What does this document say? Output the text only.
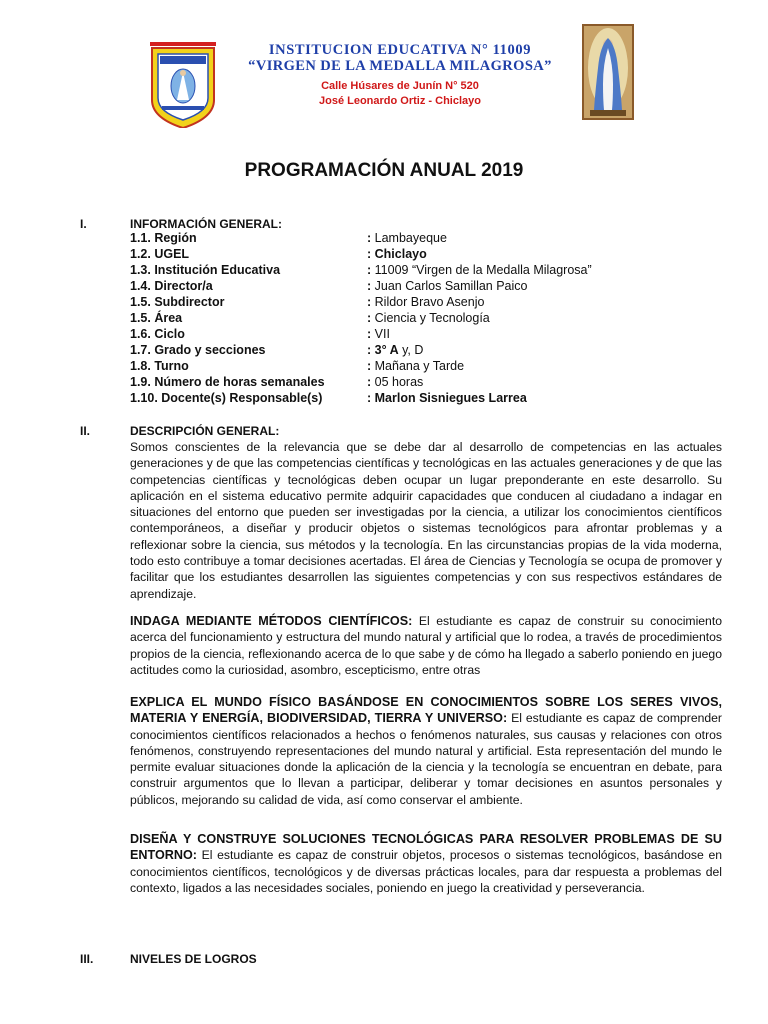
INSTITUCION EDUCATIVA N° 11009
“VIRGEN DE LA MEDALLA MILAGROSA”
Calle Húsares de Junín N° 520
José Leonardo Ortiz - Chiclayo
PROGRAMACIÓN ANUAL 2019
I.	INFORMACIÓN GENERAL:
1.1. Región	: Lambayeque
1.2. UGEL	: Chiclayo
1.3. Institución Educativa	: 11009 “Virgen de la Medalla Milagrosa”
1.4. Director/a	: Juan Carlos Samillan Paico
1.5. Subdirector	: Rildor Bravo Asenjo
1.5. Área	: Ciencia y Tecnología
1.6. Ciclo	: VII
1.7. Grado y secciones	: 3° A y, D
1.8. Turno	: Mañana y Tarde
1.9. Número de horas semanales	: 05 horas
1.10. Docente(s) Responsable(s)	: Marlon Sisniegues Larrea
II.	DESCRIPCIÓN GENERAL:
Somos conscientes de la relevancia que se debe dar al desarrollo de competencias en las actuales generaciones y de que las competencias científicas y tecnológicas en las actuales generaciones y de que las competencias científicas y tecnológicas deben ocupar un lugar preponderante en este desarrollo. Su aplicación en el sistema educativo permite adquirir capacidades que conducen al ciudadano a indagar en situaciones del entorno que pueden ser investigadas por la ciencia, a utilizar los conocimientos científicos contemporáneos, a diseñar y producir objetos o sistemas tecnológicos para afrontar problemas y a reflexionar sobre la ciencia, sus métodos y la tecnología. En las circunstancias propias de la vida moderna, todo esto contribuye a tomar decisiones acertadas. El área de Ciencias y Tecnología se ocupa de promover y facilitar que los estudiantes desarrollen las siguientes competencias y con sus respectivos estándares de aprendizaje.
INDAGA MEDIANTE MÉTODOS CIENTÍFICOS: El estudiante es capaz de construir su conocimiento acerca del funcionamiento y estructura del mundo natural y artificial que lo rodea, a través de procedimientos propios de la ciencia, reflexionando acerca de lo que sabe y de cómo ha llegado a saberlo poniendo en juego actitudes como la curiosidad, asombro, escepticismo, entre otras
EXPLICA EL MUNDO FÍSICO BASÁNDOSE EN CONOCIMIENTOS SOBRE LOS SERES VIVOS, MATERIA Y ENERGÍA, BIODIVERSIDAD, TIERRA Y UNIVERSO: El estudiante es capaz de comprender conocimientos científicos relacionados a hechos o fenómenos naturales, sus causas y relaciones con otros fenómenos, construyendo representaciones del mundo natural y artificial. Esta representación del mundo le permite evaluar situaciones donde la aplicación de la ciencia y la tecnología se encuentran en debate, para construir argumentos que lo llevan a participar, deliberar y tomar decisiones en asuntos personales y públicos, mejorando su calidad de vida, así como conservar el ambiente.
DISEÑA Y CONSTRUYE SOLUCIONES TECNOLÓGICAS PARA RESOLVER PROBLEMAS DE SU ENTORNO: El estudiante es capaz de construir objetos, procesos o sistemas tecnológicos, basándose en conocimientos científicos, tecnológicos y de diversas prácticas locales, para dar respuesta a problemas del contexto, ligados a las necesidades sociales, poniendo en juego la creatividad y perseverancia.
III.	NIVELES DE LOGROS
